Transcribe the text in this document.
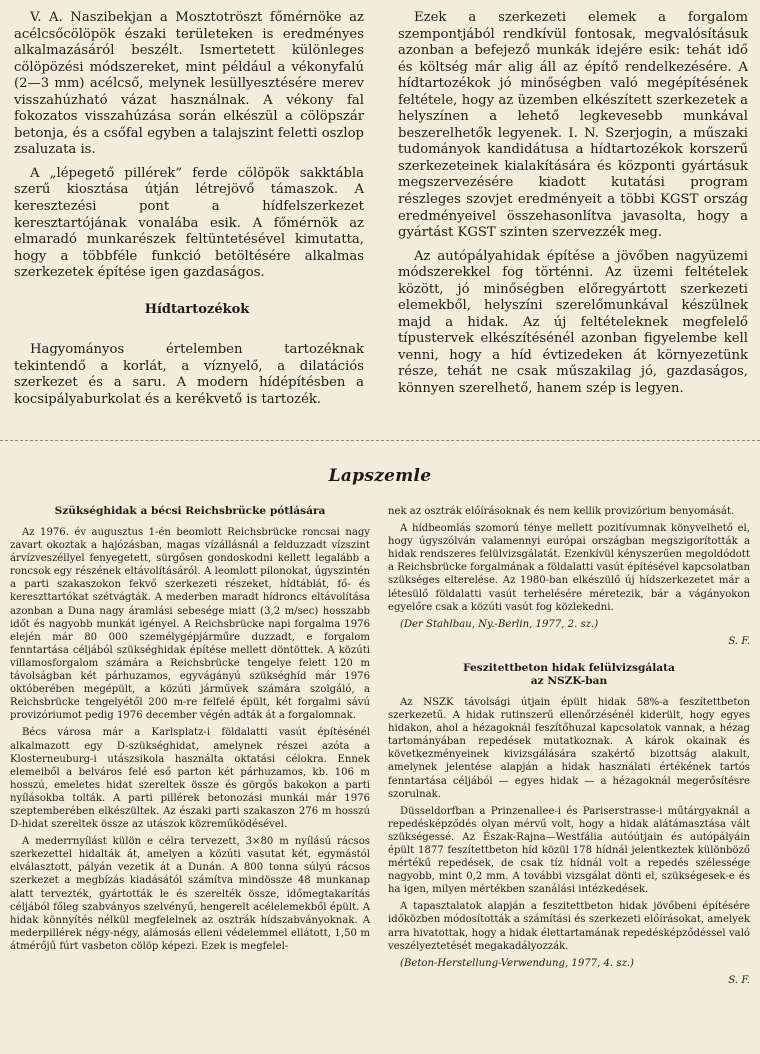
V. A. Naszibekjan a Mosztotröszt főmérnöke az acélcsőcölöpök északi területeken is eredményes alkalmazásáról beszélt. Ismertetett különleges cölöpözési módszereket, mint például a vékonyfalú (2—3 mm) acélcső, melynek lesüllyesztésére merev visszahúzható vázat használnak. A vékony fal fokozatos visszahúzása során elkészül a cölöpszár betonja, és a csőfal egyben a talajszint feletti oszlop zsaluzata is.

A „lépegető pillérek” ferde cölöpök sakktábla szerű kiosztása útján létrejövő támaszok. A keresztezési pont a hídfelszerkezet keresztartójának vonalába esik. A főmérnök az elmaradó munkarészek feltüntetésével kimutatta, hogy a többféle funkció betöltésére alkalmas szerkezetek építése igen gazdaságos.

Hídtartozékok

Hagyományos értelemben tartozéknak tekintendő a korlát, a víznyelő, a dilatációs szerkezet és a saru. A modern hídépítésben a kocsipályaburkolat és a kerékvető is tartozék.

Ezek a szerkezeti elemek a forgalom szempontjából rendkívül fontosak, megvalósításuk azonban a befejező munkák idejére esik: tehát idő és költség már alig áll az építő rendelkezésére. A hídtartozékok jó minőségben való megépítésének feltétele, hogy az üzemben elkészített szerkezetek a helyszínen a lehető legkevesebb munkával beszerelhetők legyenek. I. N. Szerjogin, a műszaki tudományok kandidátusa a hídtartozékok korszerű szerkezeteinek kialakítására és központi gyártásuk megszervezésére kiadott kutatási program részleges szovjet eredményeit a többi KGST ország eredményeivel összehasonlítva javasolta, hogy a gyártást KGST szinten szervezzék meg.

Az autópályahidak építése a jövőben nagyüzemi módszerekkel fog történni. Az üzemi feltételek között, jó minőségben előregyártott szerkezeti elemekből, helyszíni szerelőmunkával készülnek majd a hidak. Az új feltételeknek megfelelő típustervek elkészítésénél azonban figyelembe kell venni, hogy a híd évtizedeken át környezetünk része, tehát ne csak műszakilag jó, gazdaságos, könnyen szerelhető, hanem szép is legyen.

Lapszemle
Szükséghidak a bécsi Reichsbrücke pótlására

Az 1976. év augusztus 1-én beomlott Reichsbrücke roncsai nagy zavart okoztak a hajózásban, magas vízállásnál a felduzzadt vízszint árvízveszéllyel fenyegetett, sürgősen gondoskodni kellett legalább a roncsok egy részének eltávolításáról. A leomlott pilonokat, úgyszintén a parti szakaszokon fekvő szerkezeti részeket, hídtáblát, fő- és kereszttartókat szétvágták. A mederben maradt hídroncs eltávolítása azonban a Duna nagy áramlási sebesége miatt (3,2 m/sec) hosszabb időt és nagyobb munkát igényel. A Reichsbrücke napi forgalma 1976 elején már 80 000 személygépjárműre duzzadt, e forgalom fenntartása céljából szükséghidak építése mellett döntöttek. A közúti villamosforgalom számára a Reichsbrücke tengelye felett 120 m távolságban két párhuzamos, egyvágányú szükséghíd már 1976 októberében megépült, a közúti járművek számára szolgáló, a Reichsbrücke tengelyétől 200 m-re felfelé épült, két forgalmi sávú provizóriumot pedig 1976 december végén adták át a forgalomnak.

Bécs városa már a Karlsplatz-i földalatti vasút építésénél alkalmazott egy D-szükséghidat, amelynek részei azóta a Klosterneuburg-i utászsikola használta oktatási célokra. Ennek elemeiből a belváros felé eső parton két párhuzamos, kb. 106 m hosszú, emeletes hidat szereltek össze és görgős bakokon a parti nyílásokba tolták. A parti pillérek betonozási munkái már 1976 szeptemberében elkészültek. Az északi parti szakaszon 276 m hosszú D-hidat szereltek össze az utászok közreműködésével.

A mederrnyílást külön e célra tervezett, 3×80 m nyílású rácsos szerkezettel hidalták át, amelyen a közúti vasutat két, egymástól elválasztott, pályán vezetik át a Dunán. A 800 tonna súlyú rácsos szerkezet a megbízás kiadásától számítva mindössze 48 munkanap alatt tervezték, gyártották le és szerelték össze, időmegtakarítás céljából főleg szabványos szelvényű, hengerelt acélelemekből épült. A hidak könnyítés nélkül megfelelnek az osztrák hídszabványoknak. A mederpillérek négy-négy, alámosás elleni védelemmel ellátott, 1,50 m átmérőjű fúrt vasbeton cölöp képezi. Ezek is megfelel-

nek az osztrák előírásoknak és nem kellik provizórium benyomását.

A hídbeomlás szomorú ténye mellett pozitívumnak könyvelhető el, hogy úgyszólván valamennyi európai országban megszigorították a hidak rendszeres felülvizsgálatát. Ezenkívül kényszerűen megoldódott a Reichsbrücke forgalmának a földalatti vasút építésével kapcsolatban szükséges elterelése. Az 1980-ban elkészülő új hídszerkezetet már a létesülő földalatti vasút terhelésére méretezik, bár a vágányokon egyelőre csak a közúti vasút fog közlekedni.

(Der Stahlbau, Ny.-Berlin, 1977, 2. sz.)

S. F.

Feszitettbeton hidak felülvizsgálata
az NSZK-ban

Az NSZK távolsági útjain épült hidak 58%-a feszítettbeton szerkezetű. A hidak rutinszerű ellenőrzésénél kiderült, hogy egyes hidakon, ahol a hézagoknál feszítőhuzal kapcsolatok vannak, a hézag tartományában repedések mutatkoznak. A károk okainak és következményeinek kivizsgálására szakértő bizottság alakult, amelynek jelentése alapján a hidak használati értékének tartós fenntartása céljából — egyes hidak — a hézagoknál megerősítésre szorulnak.

Düsseldorfban a Prinzenallee-i és Pariserstrasse-i műtárgyaknál a repedésképződés olyan mérvű volt, hogy a hidak alátámasztása vált szükségessé. Az Észak-Rajna—Westfália autóútjain és autópályáin épült 1877 feszítettbeton híd közül 178 hídnál jelentkeztek különböző mértékű repedések, de csak tíz hídnál volt a repedés szélessége nagyobb, mint 0,2 mm. A további vizsgálat dönti el, szükségesek-e és ha igen, milyen mértékben szanálási intézkedések.

A tapasztalatok alapján a feszitettbeton hidak jövőbeni építésére időközben módosították a számítási és szerkezeti előírásokat, amelyek arra hivatottak, hogy a hidak élettartamának repedésképződéssel való veszélyeztetését megakadályozzák.

(Beton-Herstellung-Verwendung, 1977, 4. sz.)

S. F.
